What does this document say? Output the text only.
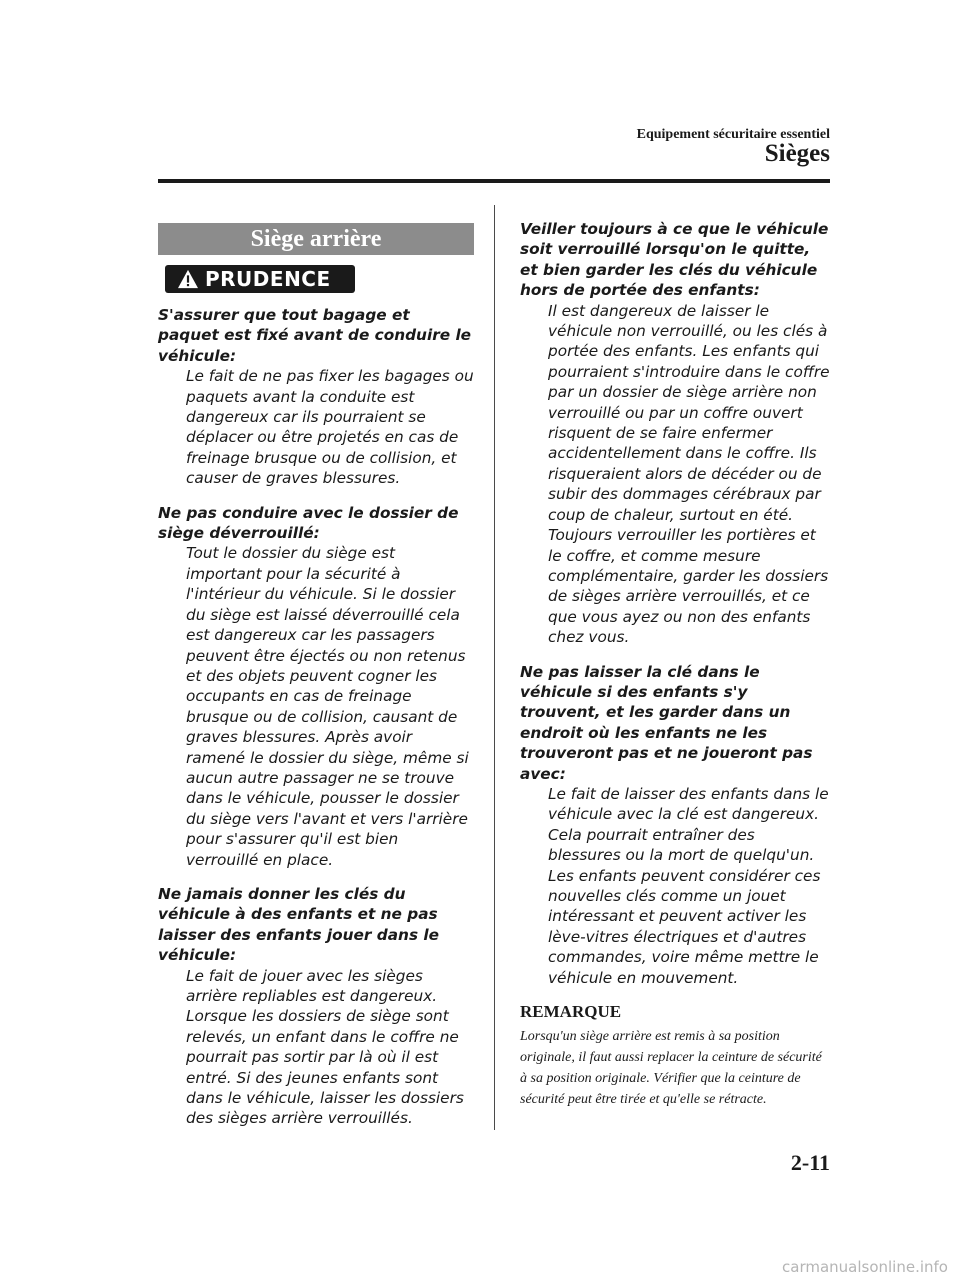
Equipement sécuritaire essentiel
Sièges
Siège arrière
PRUDENCE

S'assurer que tout bagage et paquet est fixé avant de conduire le véhicule:

Le fait de ne pas fixer les bagages ou paquets avant la conduite est dangereux car ils pourraient se déplacer ou être projetés en cas de freinage brusque ou de collision, et causer de graves blessures.

Ne pas conduire avec le dossier de siège déverrouillé:

Tout le dossier du siège est important pour la sécurité à l'intérieur du véhicule. Si le dossier du siège est laissé déverrouillé cela est dangereux car les passagers peuvent être éjectés ou non retenus et des objets peuvent cogner les occupants en cas de freinage brusque ou de collision, causant de graves blessures. Après avoir ramené le dossier du siège, même si aucun autre passager ne se trouve dans le véhicule, pousser le dossier du siège vers l'avant et vers l'arrière pour s'assurer qu'il est bien verrouillé en place.

Ne jamais donner les clés du véhicule à des enfants et ne pas laisser des enfants jouer dans le véhicule:

Le fait de jouer avec les sièges arrière repliables est dangereux. Lorsque les dossiers de siège sont relevés, un enfant dans le coffre ne pourrait pas sortir par là où il est entré. Si des jeunes enfants sont dans le véhicule, laisser les dossiers des sièges arrière verrouillés.

Veiller toujours à ce que le véhicule soit verrouillé lorsqu'on le quitte, et bien garder les clés du véhicule hors de portée des enfants:

Il est dangereux de laisser le véhicule non verrouillé, ou les clés à portée des enfants. Les enfants qui pourraient s'introduire dans le coffre par un dossier de siège arrière non verrouillé ou par un coffre ouvert risquent de se faire enfermer accidentellement dans le coffre. Ils risqueraient alors de décéder ou de subir des dommages cérébraux par coup de chaleur, surtout en été. Toujours verrouiller les portières et le coffre, et comme mesure complémentaire, garder les dossiers de sièges arrière verrouillés, et ce que vous ayez ou non des enfants chez vous.

Ne pas laisser la clé dans le véhicule si des enfants s'y trouvent, et les garder dans un endroit où les enfants ne les trouveront pas et ne joueront pas avec:

Le fait de laisser des enfants dans le véhicule avec la clé est dangereux. Cela pourrait entraîner des blessures ou la mort de quelqu'un. Les enfants peuvent considérer ces nouvelles clés comme un jouet intéressant et peuvent activer les lève-vitres électriques et d'autres commandes, voire même mettre le véhicule en mouvement.

REMARQUE

Lorsqu'un siège arrière est remis à sa position originale, il faut aussi replacer la ceinture de sécurité à sa position originale. Vérifier que la ceinture de sécurité peut être tirée et qu'elle se rétracte.

2-11
carmanualsonline.info
